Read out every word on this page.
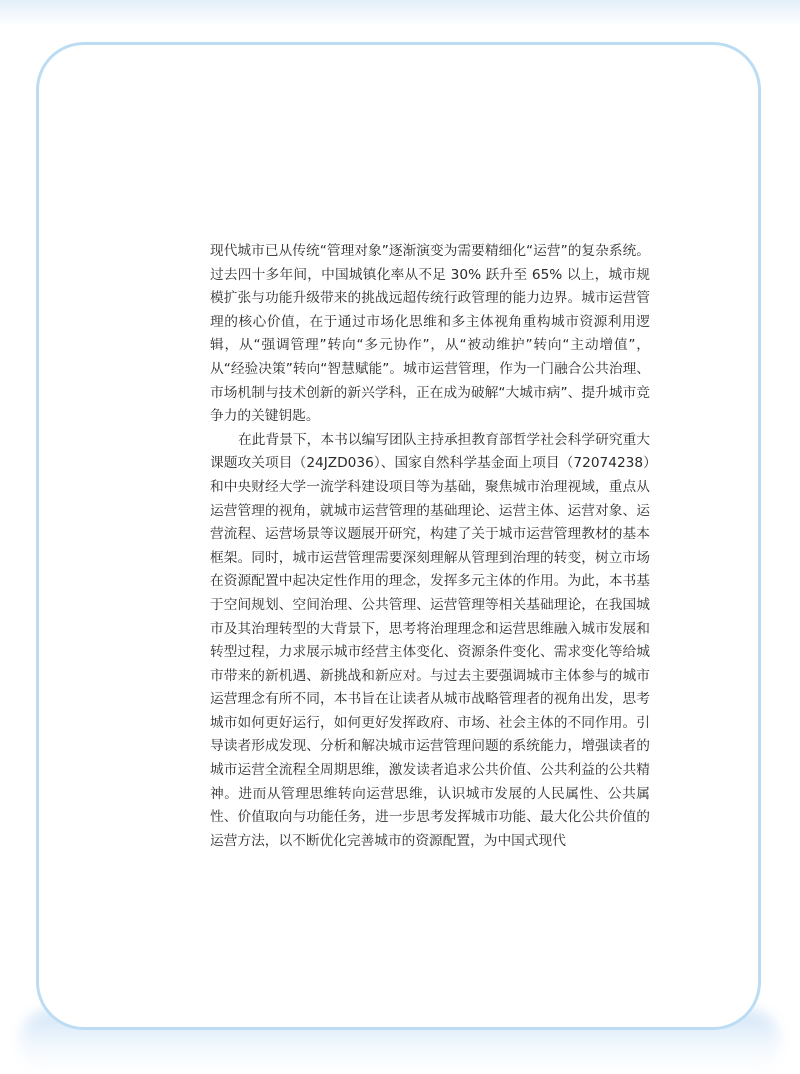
现代城市已从传统“管理对象”逐渐演变为需要精细化“运营”的复杂系统。过去四十多年间，中国城镇化率从不足 30% 跃升至 65% 以上，城市规模扩张与功能升级带来的挑战远超传统行政管理的能力边界。城市运营管理的核心价值，在于通过市场化思维和多主体视角重构城市资源利用逻辑，从“强调管理”转向“多元协作”，从“被动维护”转向“主动增值”，从“经验决策”转向“智慧赋能”。城市运营管理，作为一门融合公共治理、市场机制与技术创新的新兴学科，正在成为破解“大城市病”、提升城市竞争力的关键钥匙。

在此背景下，本书以编写团队主持承担教育部哲学社会科学研究重大课题攻关项目（24JZD036）、国家自然科学基金面上项目（72074238）和中央财经大学一流学科建设项目等为基础，聚焦城市治理视域，重点从运营管理的视角，就城市运营管理的基础理论、运营主体、运营对象、运营流程、运营场景等议题展开研究，构建了关于城市运营管理教材的基本框架。同时，城市运营管理需要深刻理解从管理到治理的转变，树立市场在资源配置中起决定性作用的理念，发挥多元主体的作用。为此，本书基于空间规划、空间治理、公共管理、运营管理等相关基础理论，在我国城市及其治理转型的大背景下，思考将治理理念和运营思维融入城市发展和转型过程，力求展示城市经营主体变化、资源条件变化、需求变化等给城市带来的新机遇、新挑战和新应对。与过去主要强调城市主体参与的城市运营理念有所不同，本书旨在让读者从城市战略管理者的视角出发，思考城市如何更好运行，如何更好发挥政府、市场、社会主体的不同作用。引导读者形成发现、分析和解决城市运营管理问题的系统能力，增强读者的城市运营全流程全周期思维，激发读者追求公共价值、公共利益的公共精神。进而从管理思维转向运营思维，认识城市发展的人民属性、公共属性、价值取向与功能任务，进一步思考发挥城市功能、最大化公共价值的运营方法，以不断优化完善城市的资源配置，为中国式现代
